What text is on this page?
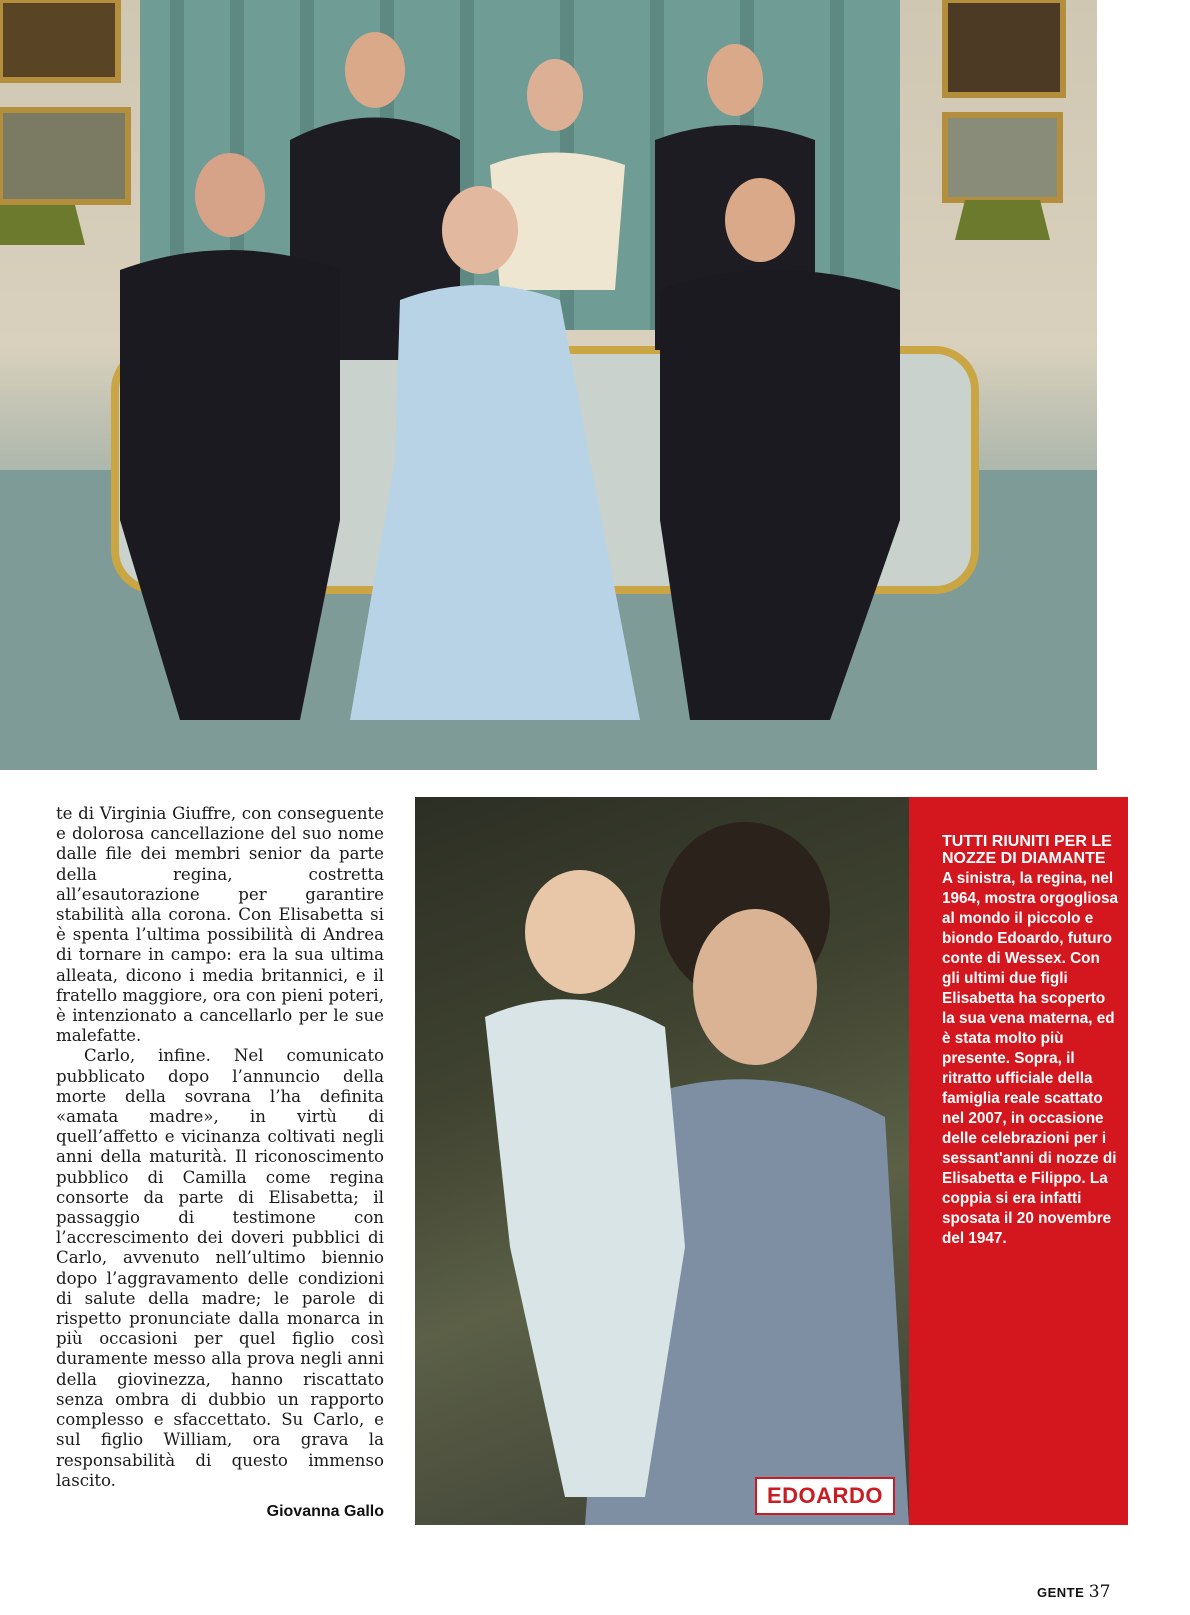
te di Virginia Giuffre, con conseguente e dolorosa cancellazione del suo nome dalle file dei membri senior da parte della regina, costretta all’esautorazione per garantire stabilità alla corona. Con Elisabetta si è spenta l’ultima possibilità di Andrea di tornare in campo: era la sua ultima alleata, dicono i media britannici, e il fratello maggiore, ora con pieni poteri, è intenzionato a cancellarlo per le sue malefatte.

Carlo, infine. Nel comunicato pubblicato dopo l’annuncio della morte della sovrana l’ha definita «amata madre», in virtù di quell’affetto e vicinanza coltivati negli anni della maturità. Il riconoscimento pubblico di Camilla come regina consorte da parte di Elisabetta; il passaggio di testimone con l’accrescimento dei doveri pubblici di Carlo, avvenuto nell’ultimo biennio dopo l’aggravamento delle condizioni di salute della madre; le parole di rispetto pronunciate dalla monarca in più occasioni per quel figlio così duramente messo alla prova negli anni della giovinezza, hanno riscattato senza ombra di dubbio un rapporto complesso e sfaccettato. Su Carlo, e sul figlio William, ora grava la responsabilità di questo immenso lascito.

Giovanna Gallo
EDOARDO
TUTTI RIUNITI PER LE NOZZE DI DIAMANTE
A sinistra, la regina, nel 1964, mostra orgogliosa al mondo il piccolo e biondo Edoardo, futuro conte di Wessex. Con gli ultimi due figli Elisabetta ha scoperto la sua vena materna, ed è stata molto più presente. Sopra, il ritratto ufficiale della famiglia reale scattato nel 2007, in occasione delle celebrazioni per i sessant'anni di nozze di Elisabetta e Filippo. La coppia si era infatti sposata il 20 novembre del 1947.
GENTE 37
